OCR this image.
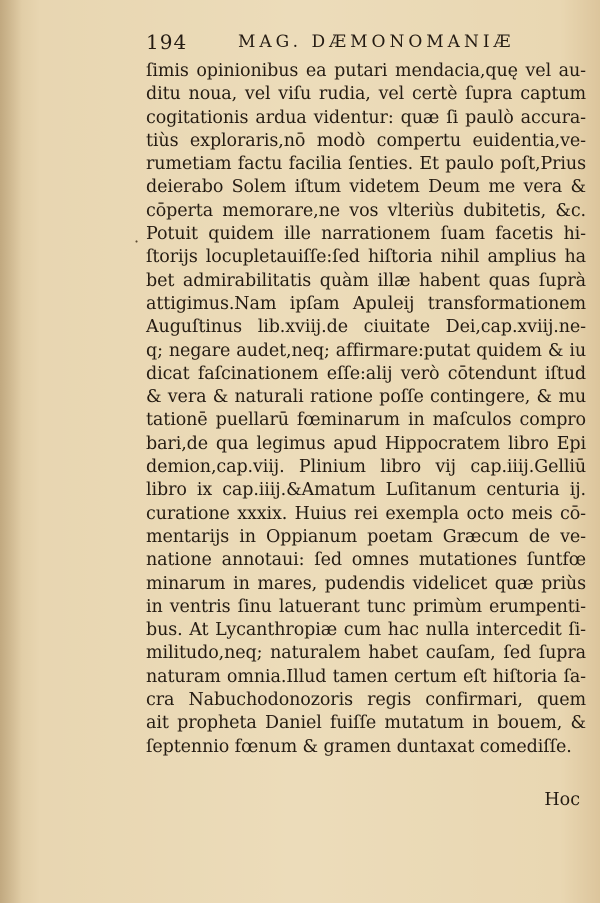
194	MAG. DÆMONOMANIÆ
·
ſimis opinionibus ea putari mendacia,quę vel au-
ditu noua, vel viſu rudia, vel certè ſupra captum
cogitationis ardua videntur: quæ ſi paulò accura-
tiùs exploraris,nō modò compertu euidentia,ve-
rumetiam factu facilia ſenties. Et paulo poſt,Prius
deierabo Solem iſtum videtem Deum me vera &
cōperta memorare,ne vos vlteriùs dubitetis, &c.
Potuit quidem ille narrationem ſuam facetis hi-
ſtorijs locupletauiſſe:ſed hiſtoria nihil amplius ha
bet admirabilitatis quàm illæ habent quas ſuprà
attigimus.Nam ipſam Apuleij transformationem
Auguſtinus lib.xviij.de ciuitate Dei,cap.xviij.ne-
q; negare audet,neq; affirmare:putat quidem & iu
dicat faſcinationem eſſe:alij verò cōtendunt iſtud
& vera & naturali ratione poſſe contingere, & mu
tationē puellarū fœminarum in maſculos compro
bari,de qua legimus apud Hippocratem libro Epi
demion,cap.viij. Plinium libro vij cap.iiij.Gelliū
libro ix cap.iiij.&Amatum Luſitanum centuria ij.
curatione xxxix. Huius rei exempla octo meis cō-
mentarijs in Oppianum poetam Græcum de ve-
natione annotaui: ſed omnes mutationes ſuntfœ
minarum in mares, pudendis videlicet quæ priùs
in ventris ſinu latuerant tunc primùm erumpenti-
bus. At Lycanthropiæ cum hac nulla intercedit ſi-
militudo,neq; naturalem habet cauſam, ſed ſupra
naturam omnia.Illud tamen certum eſt hiſtoria ſa-
cra Nabuchodonozoris regis confirmari, quem
ait propheta Daniel fuiſſe mutatum in bouem, &
ſeptennio fœnum & gramen duntaxat comediſſe.
Hoc
